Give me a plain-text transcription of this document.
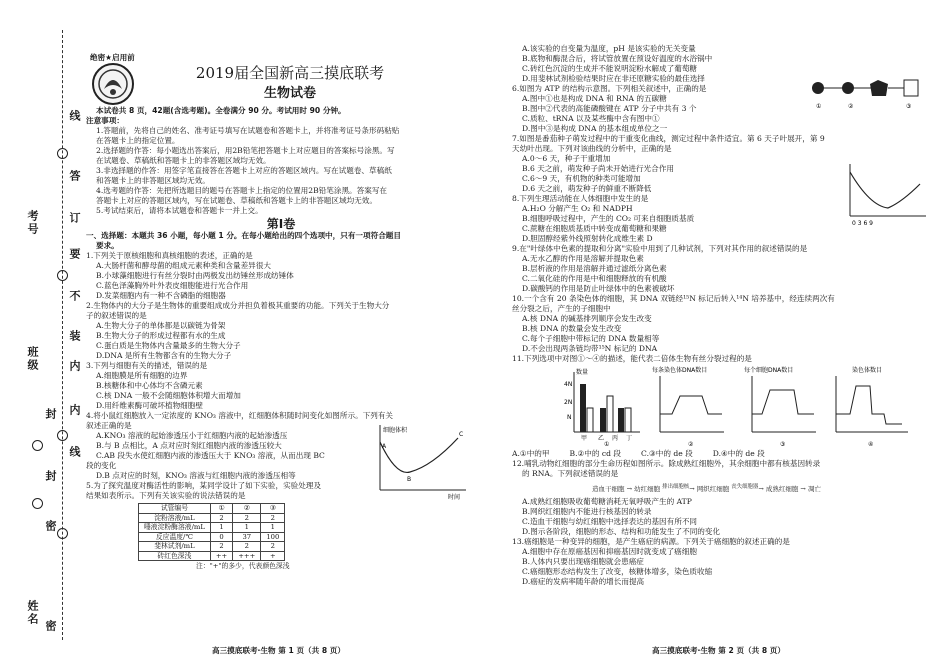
考号
班级
姓名
线
答
订
要
不
内
装
内
线
封
封
密
密
绝密★启用前
2019届全国新高三摸底联考
生物试卷

本试卷共 8 页，42题(含选考题)。全卷满分 90 分。考试用时 90 分钟。

注意事项：

1.答题前，先将自己的姓名、准考证号填写在试题卷和答题卡上，并将准考证号条形码粘贴

在答题卡上的指定位置。

2.选择题的作答：每小题选出答案后，用2B铅笔把答题卡上对应题目的答案标号涂黑。写

在试题卷、草稿纸和答题卡上的非答题区域均无效。

3.非选择题的作答：用签字笔直接答在答题卡上对应的答题区域内。写在试题卷、草稿纸

和答题卡上的非答题区域均无效。

4.选考题的作答：先把所选题目的题号在答题卡上指定的位置用2B铅笔涂黑。答案写在

答题卡上对应的答题区域内，写在试题卷、草稿纸和答题卡上的非答题区域均无效。

5.考试结束后，请将本试题卷和答题卡一并上交。

第Ⅰ卷

一、选择题：本题共 36 小题，每小题 1 分。在每小题给出的四个选项中，只有一项符合题目

要求。

1.下列关于原核细胞和真核细胞的表述，正确的是

A.大肠杆菌和酵母菌的组成元素种类和含量差异很大

B.小球藻细胞进行有丝分裂时由两极发出纺锤丝形成纺锤体

C.蓝色泽藻胸外叶外表皮细胞能进行光合作用

D.发菜细胞内有一种不含磷脂的细胞器

2.生物体内的大分子是生物体的重要组成成分并担负着极其重要的功能。下列关于生物大分

子的叙述错误的是

A.生物大分子的单体都是以碳链为骨架

B.生物大分子的形成过程都有水的生成

C.蛋白质是生物体内含量最多的生物大分子

D.DNA 是所有生物都含有的生物大分子

3.下列与细胞有关的描述，错误的是

A.细胞膜是所有细胞的边界

B.核糖体和中心体均不含磷元素

C.核 DNA 一般不会随细胞体积增大而增加

D.用纤维素酶可破坏植物细胞壁

4.将小鼠红细胞放入一定浓度的 KNO₃ 溶液中，红细胞体积随时间变化如图所示。下列有关

叙述正确的是

A.KNO₃ 溶液的起始渗透压小于红细胞内液的起始渗透压

B.与 B 点相比，A 点对应时刻红细胞内液的渗透压较大

C.AB 段失水使红细胞内液的渗透压大于 KNO₃ 溶液，从而出现 BC

段的变化

D.B 点对应的时刻，KNO₃ 溶液与红细胞内液的渗透压相等

5.为了探究温度对酶活性的影响，某同学设计了如下实验，实验处理及

结果如表所示。下列有关该实验的说法错误的是

试管编号	①	②	③
淀粉溶液/mL	2	2	2
唾液淀粉酶溶液/mL	1	1	1
反应温度/℃	0	37	100
斐林试剂/mL	2	2	2
砖红色深浅	++	+++	+

注："+"的多少，代表颜色深浅

细胞体积
时间
A
B
C

A.该实验的自变量为温度，pH 是该实验的无关变量

B.底物和酶混合后，将试管放置在预设好温度的水浴锅中

C.砖红色沉淀的生成并不能说明淀粉水解成了葡萄糖

D.用斐林试剂检验结果时应在非还原糖实验的最佳选择

6.如图为 ATP 的结构示意图。下列相关叙述中，正确的是

A.图中①也是构成 DNA 和 RNA 的五碳糖

B.图中②代表的高能磷酸键在 ATP 分子中共有 3 个

C.质粒、tRNA 以及某些酶中含有图中①

D.图中③是构成 DNA 的基本组成单位之一

7.如图是番茄种子萌发过程中的干重变化曲线，测定过程中条件适宜。第 6 天子叶展开，第 9

天幼叶出现。下列对该曲线的分析中，正确的是

A.0～6 天，种子干重增加

B.6 天之前，萌发种子尚未开始进行光合作用

C.6～9 天，有机物的种类可能增加

D.6 天之前，萌发种子的鲜重不断降低

8.下列生理活动能在人体细胞中发生的是

A.H₂O 分解产生 O₂ 和 NADPH

B.细胞呼吸过程中，产生的 CO₂ 可来自细胞质基质

C.蔗糖在细胞质基质中转变成葡萄糖和果糖

D.胆固醇经紫外线照射转化成维生素 D

9.在"叶绿体中色素的提取和分离"实验中用到了几种试剂，下列对其作用的叙述错误的是

A.无水乙醇的作用是溶解并提取色素

B.层析液的作用是溶解并通过滤纸分离色素

C.二氧化硅的作用是中和细胞释放的有机酸

D.碳酸钙的作用是防止叶绿体中的色素被破坏

10.一个含有 20 条染色体的细胞，其 DNA 双链经¹⁵N 标记后转入¹⁴N 培养基中，经连续两次有

丝分裂之后，产生的子细胞中

A.核 DNA 的碱基排列顺序会发生改变

B.核 DNA 的数量会发生改变

C.每个子细胞中带标记的 DNA 数量相等

D.不会出现两条链均带¹⁵N 标记的 DNA

11.下列选项中对图①～④的描述，能代表二倍体生物有丝分裂过程的是

数量
4N
2N
N
甲 乙 丙 丁
每条染色体DNA数目	每个细胞DNA数目	染色体数目
①	②	③	④
A.①中的甲	B.②中的 cd 段	C.③中的 de 段	D.④中的 de 段

12.哺乳动物红细胞的部分生命历程如图所示。除成熟红细胞外，其余细胞中都有核基因转录

的 RNA。下列叙述错误的是

造血干细胞 → 幼红细胞 $^{排出细胞核}$→ 网织红细胞 $^{丧失细胞器}$→ 成熟红细胞 → 凋亡

A.成熟红细胞吸收葡萄糖消耗无氧呼吸产生的 ATP

B.网织红细胞内不能进行核基因的转录

C.造血干细胞与幼红细胞中选择表达的基因有所不同

D.图示各阶段，细胞的形态、结构和功能发生了不同的变化

13.癌细胞是一种变异的细胞，是产生癌症的病源。下列关于癌细胞的叙述正确的是

A.细胞中存在原癌基因和抑癌基因时就变成了癌细胞

B.人体内只要出现癌细胞就会患癌症

C.癌细胞形态结构发生了改变，核糖体增多，染色质收缩

D.癌症的发病率随年龄的增长而提高

①	②	③
0 3 6 9
高三摸底联考·生物 第 1 页（共 8 页）	高三摸底联考·生物 第 2 页（共 8 页）
